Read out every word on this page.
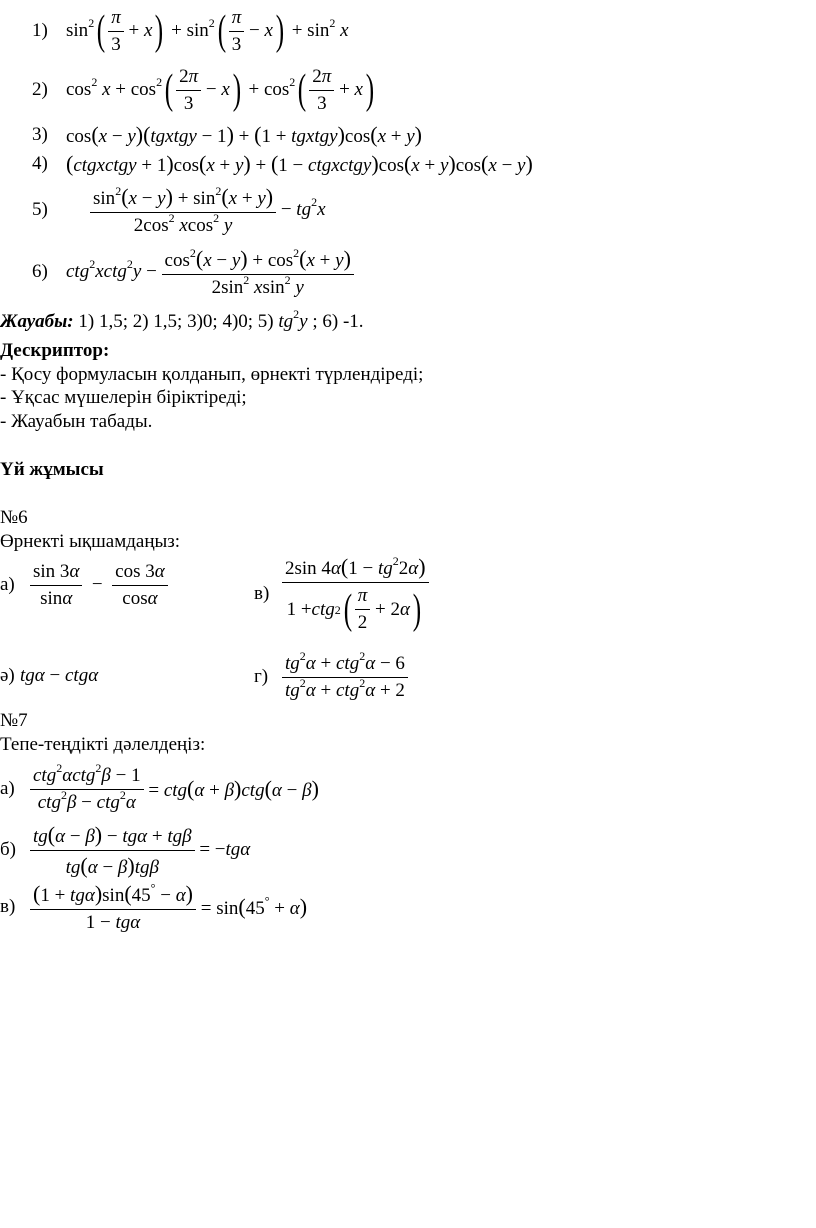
1) $\sin^2$ ( $\frac{\pi}{3} + x$ ) + $\sin^2$ ( $\frac{\pi}{3} - x$ ) + $\sin^2 x$
2) $\cos^2 x + \cos^2$ ( $\frac{2\pi}{3} - x$ ) + $\cos^2$ ( $\frac{2\pi}{3} + x$ )
3) cos(x − y)(tgxtgy − 1) + (1 + tgxtgy)cos(x + y)
4) (ctgxctgy + 1)cos(x + y) + (1 − ctgxctgy)cos(x + y)cos(x − y)
5)	$\frac{\sin^2(x - y) + \sin^2(x + y)}{2\cos^2 xcos^2 y} - tg^2x$
6) ctg$^2$xctg$^2$y − $\frac{\cos^2(x - y) + \cos^2(x + y)}{2\sin^2 xsin^2 y}$
Жауабы: 1) 1,5; 2) 1,5; 3)0; 4)0; 5) $tg^2y$ ; 6) -1.
Дескриптор:
- Қосу формуласын қолданып, өрнекті түрлендіреді;
- Ұқсас мүшелерін біріктіреді;
- Жауабын табады.
Үй жұмысы
№6
Өрнекті ықшамдаңыз:
$а) \frac{\sin 3\alpha}{\sin\alpha} - \frac{\cos 3\alpha}{\cos\alpha}$	$в) \frac{2\sin 4\alpha(1 - tg^22\alpha)}{1 + ctg 2 ( \frac{\pi}{2} + 2\alpha )}$
ә) tgα − ctgα	$г) \frac{tg^2\alpha + ctg^2\alpha - 6}{tg^2\alpha + ctg^2\alpha + 2}$
№7
Тепе-теңдікті дәлелдеңіз:
$а) \frac{ctg^2\alpha ctg^2\beta - 1}{ctg^2\beta - ctg^2\alpha} = ctg(\alpha + \beta)ctg(\alpha - \beta)$
$б) \frac{\text{tg(α − β) − tgα + tgβ}}{\text{tg(α − β)tgβ}} = -tg\alpha$
$в) \frac{(1 + tg\alpha)\sin(45^\circ - \alpha)}{\text{1 − tgα}} = \sin(45^\circ + \alpha)$
